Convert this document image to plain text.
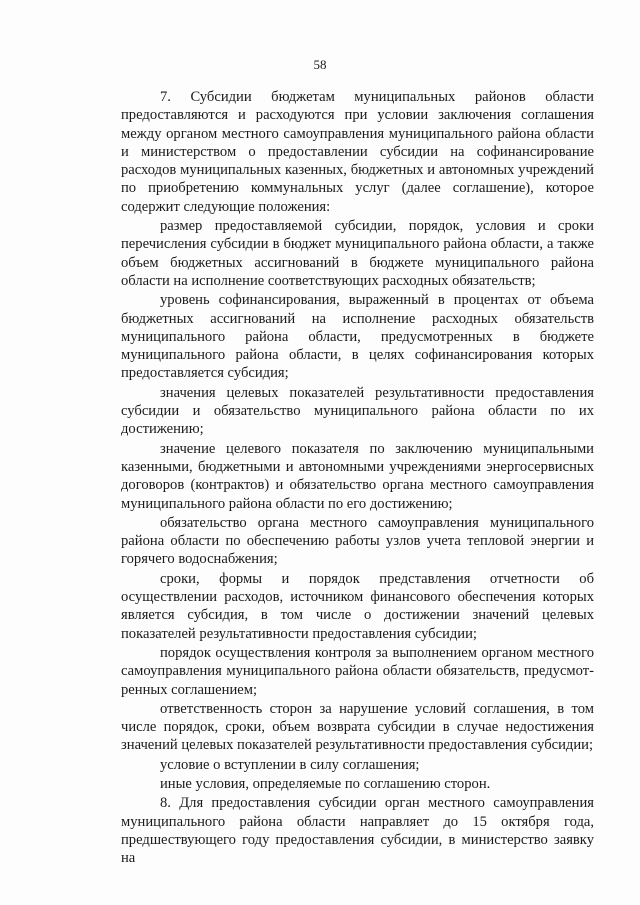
58

7. Субсидии бюджетам муниципальных районов области предоставляются и расходуются при условии заключения соглашения между органом местного самоуправления муниципального района области и министерством о предоставлении субсидии на софинансирование расходов муниципальных казенных, бюджетных и автономных учреждений по приобретению коммунальных услуг (далее соглашение), которое содержит следующие положения:

размер предоставляемой субсидии, порядок, условия и сроки перечисления субсидии в бюджет муниципального района области, а также объем бюджетных ассигнований в бюджете муниципального района области на исполнение соответствующих расходных обязательств;

уровень софинансирования, выраженный в процентах от объема бюджетных ассигнований на исполнение расходных обязательств муниципального района области, предусмотренных в бюджете муниципального района области, в целях софинансирования которых предоставляется субсидия;

значения целевых показателей результативности предоставления субсидии и обязательство муниципального района области по их достижению;

значение целевого показателя по заключению муниципальными казенными, бюджетными и автономными учреждениями энергосервисных договоров (контрактов) и обязательство органа местного самоуправления муниципального района области по его достижению;

обязательство органа местного самоуправления муниципального района области по обеспечению работы узлов учета тепловой энергии и горячего водоснабжения;

сроки, формы и порядок представления отчетности об осуществлении расходов, источником финансового обеспечения которых является субсидия, в том числе о достижении значений целевых показателей результативности предоставления субсидии;

порядок осуществления контроля за выполнением органом местного самоуправления муниципального района области обязательств, предусмот-ренных соглашением;

ответственность сторон за нарушение условий соглашения, в том числе порядок, сроки, объем возврата субсидии в случае недостижения значений целевых показателей результативности предоставления субсидии;

условие о вступлении в силу соглашения;

иные условия, определяемые по соглашению сторон.

8. Для предоставления субсидии орган местного самоуправления муниципального района области направляет до 15 октября года, предшествующего году предоставления субсидии, в министерство заявку на
